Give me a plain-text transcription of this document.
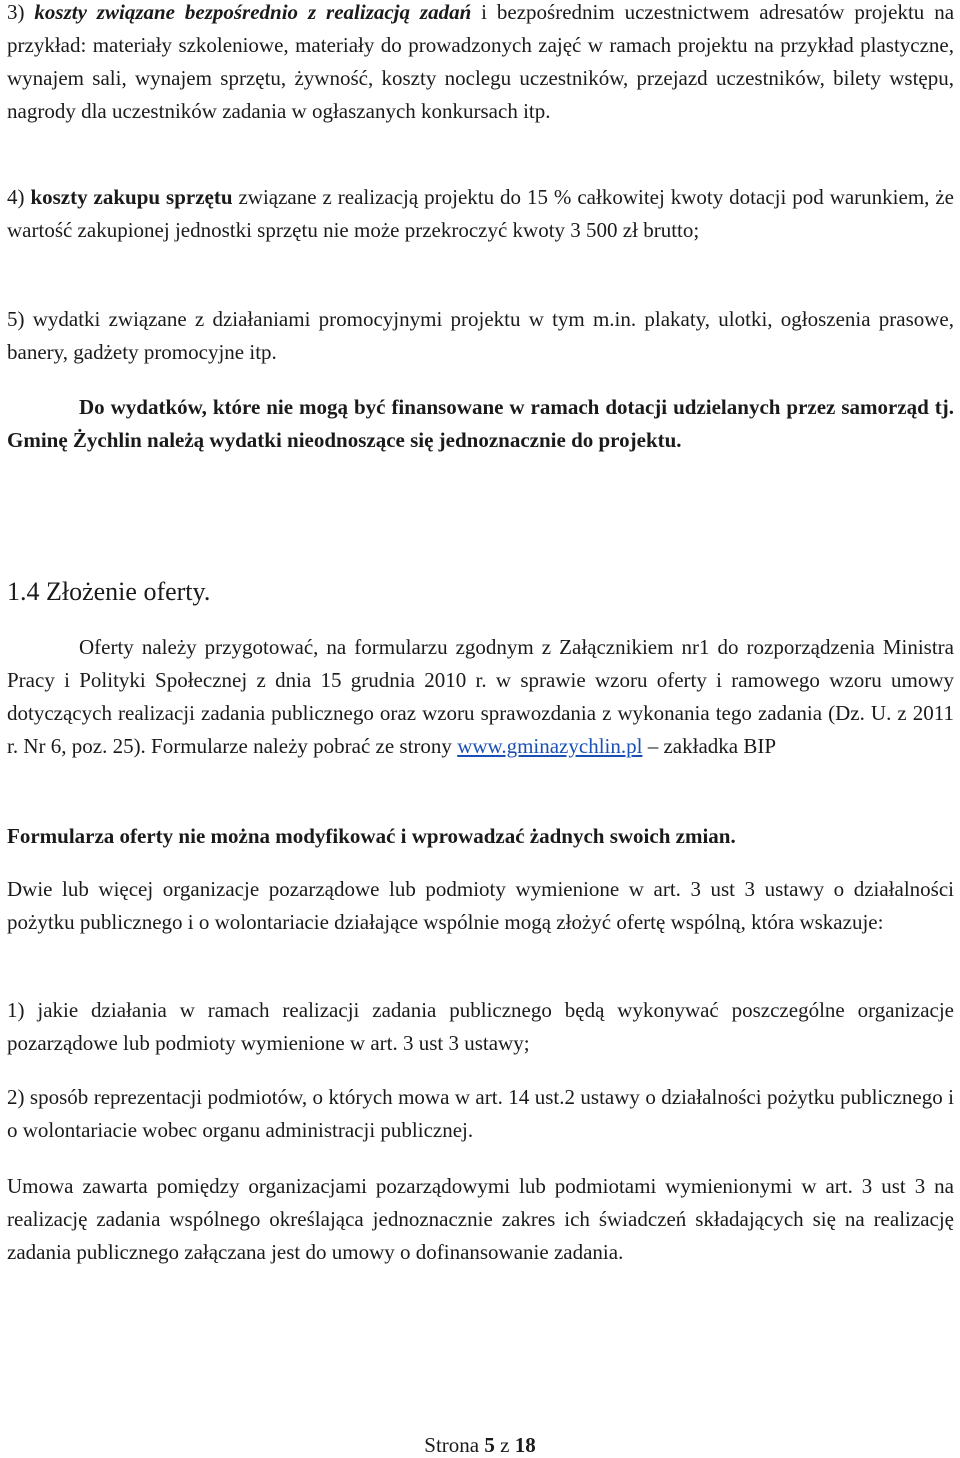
3) koszty związane bezpośrednio z realizacją zadań i bezpośrednim uczestnictwem adresatów projektu na przykład: materiały szkoleniowe, materiały do prowadzonych zajęć w ramach projektu na przykład plastyczne, wynajem sali, wynajem sprzętu, żywność, koszty noclegu uczestników, przejazd uczestników, bilety wstępu, nagrody dla uczestników zadania w ogłaszanych konkursach itp.

4) koszty zakupu sprzętu związane z realizacją projektu do 15 % całkowitej kwoty dotacji pod warunkiem, że wartość zakupionej jednostki sprzętu nie może przekroczyć kwoty 3 500 zł brutto;

5) wydatki związane z działaniami promocyjnymi projektu w tym m.in. plakaty, ulotki, ogłoszenia prasowe, banery, gadżety promocyjne itp.

Do wydatków, które nie mogą być finansowane w ramach dotacji udzielanych przez samorząd tj. Gminę Żychlin należą wydatki nieodnoszące się jednoznacznie do projektu.

1.4 Złożenie oferty.

Oferty należy przygotować, na formularzu zgodnym z Załącznikiem nr1 do rozporządzenia Ministra Pracy i Polityki Społecznej z dnia 15 grudnia 2010 r. w sprawie wzoru oferty i ramowego wzoru umowy dotyczących realizacji zadania publicznego oraz wzoru sprawozdania z wykonania tego zadania (Dz. U. z 2011 r. Nr 6, poz. 25). Formularze należy pobrać ze strony www.gminazychlin.pl – zakładka BIP

Formularza oferty nie można modyfikować i wprowadzać żadnych swoich zmian.

Dwie lub więcej organizacje pozarządowe lub podmioty wymienione w art. 3 ust 3 ustawy o działalności pożytku publicznego i o wolontariacie działające wspólnie mogą złożyć ofertę wspólną, która wskazuje:

1) jakie działania w ramach realizacji zadania publicznego będą wykonywać poszczególne organizacje pozarządowe lub podmioty wymienione w art. 3 ust 3 ustawy;

2) sposób reprezentacji podmiotów, o których mowa w art. 14 ust.2 ustawy o działalności pożytku publicznego i o wolontariacie wobec organu administracji publicznej.

Umowa zawarta pomiędzy organizacjami pozarządowymi lub podmiotami wymienionymi w art. 3 ust 3 na realizację zadania wspólnego określająca jednoznacznie zakres ich świadczeń składających się na realizację zadania publicznego załączana jest do umowy o dofinansowanie zadania.

Strona 5 z 18
